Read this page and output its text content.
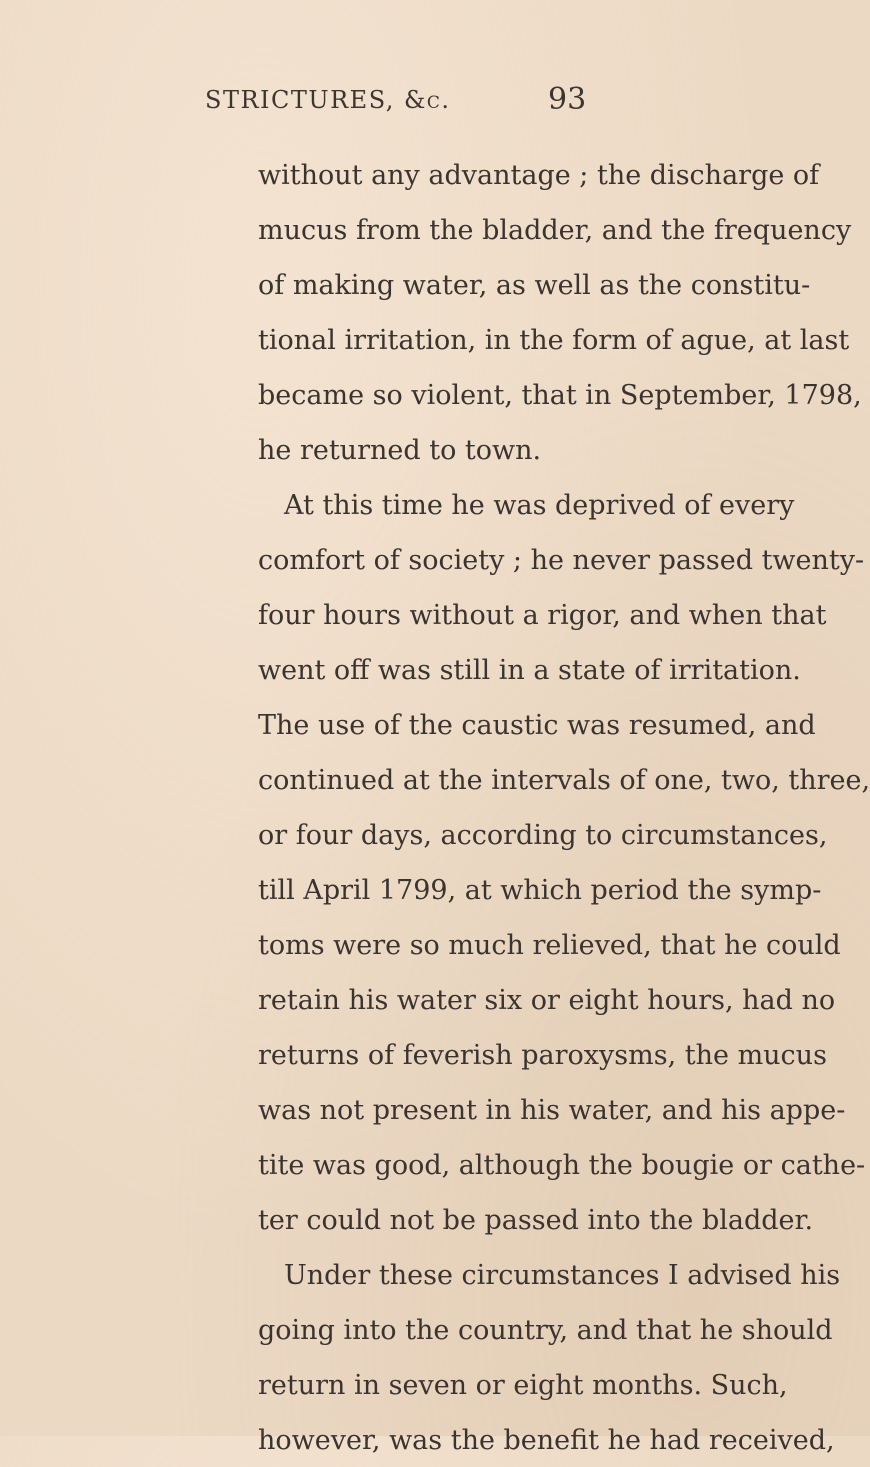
STRICTURES, &c.	93
without any advantage ; the discharge of
mucus from the bladder, and the frequency
of making water, as well as the constitu-
tional irritation, in the form of ague, at last
became so violent, that in September, 1798,
he returned to town.
At this time he was deprived of every
comfort of society ; he never passed twenty-
four hours without a rigor, and when that
went off was still in a state of irritation.
The use of the caustic was resumed, and
continued at the intervals of one, two, three,
or four days, according to circumstances,
till April 1799, at which period the symp-
toms were so much relieved, that he could
retain his water six or eight hours, had no
returns of feverish paroxysms, the mucus
was not present in his water, and his appe-
tite was good, although the bougie or cathe-
ter could not be passed into the bladder.
Under these circumstances I advised his
going into the country, and that he should
return in seven or eight months. Such,
however, was the benefit he had received,
